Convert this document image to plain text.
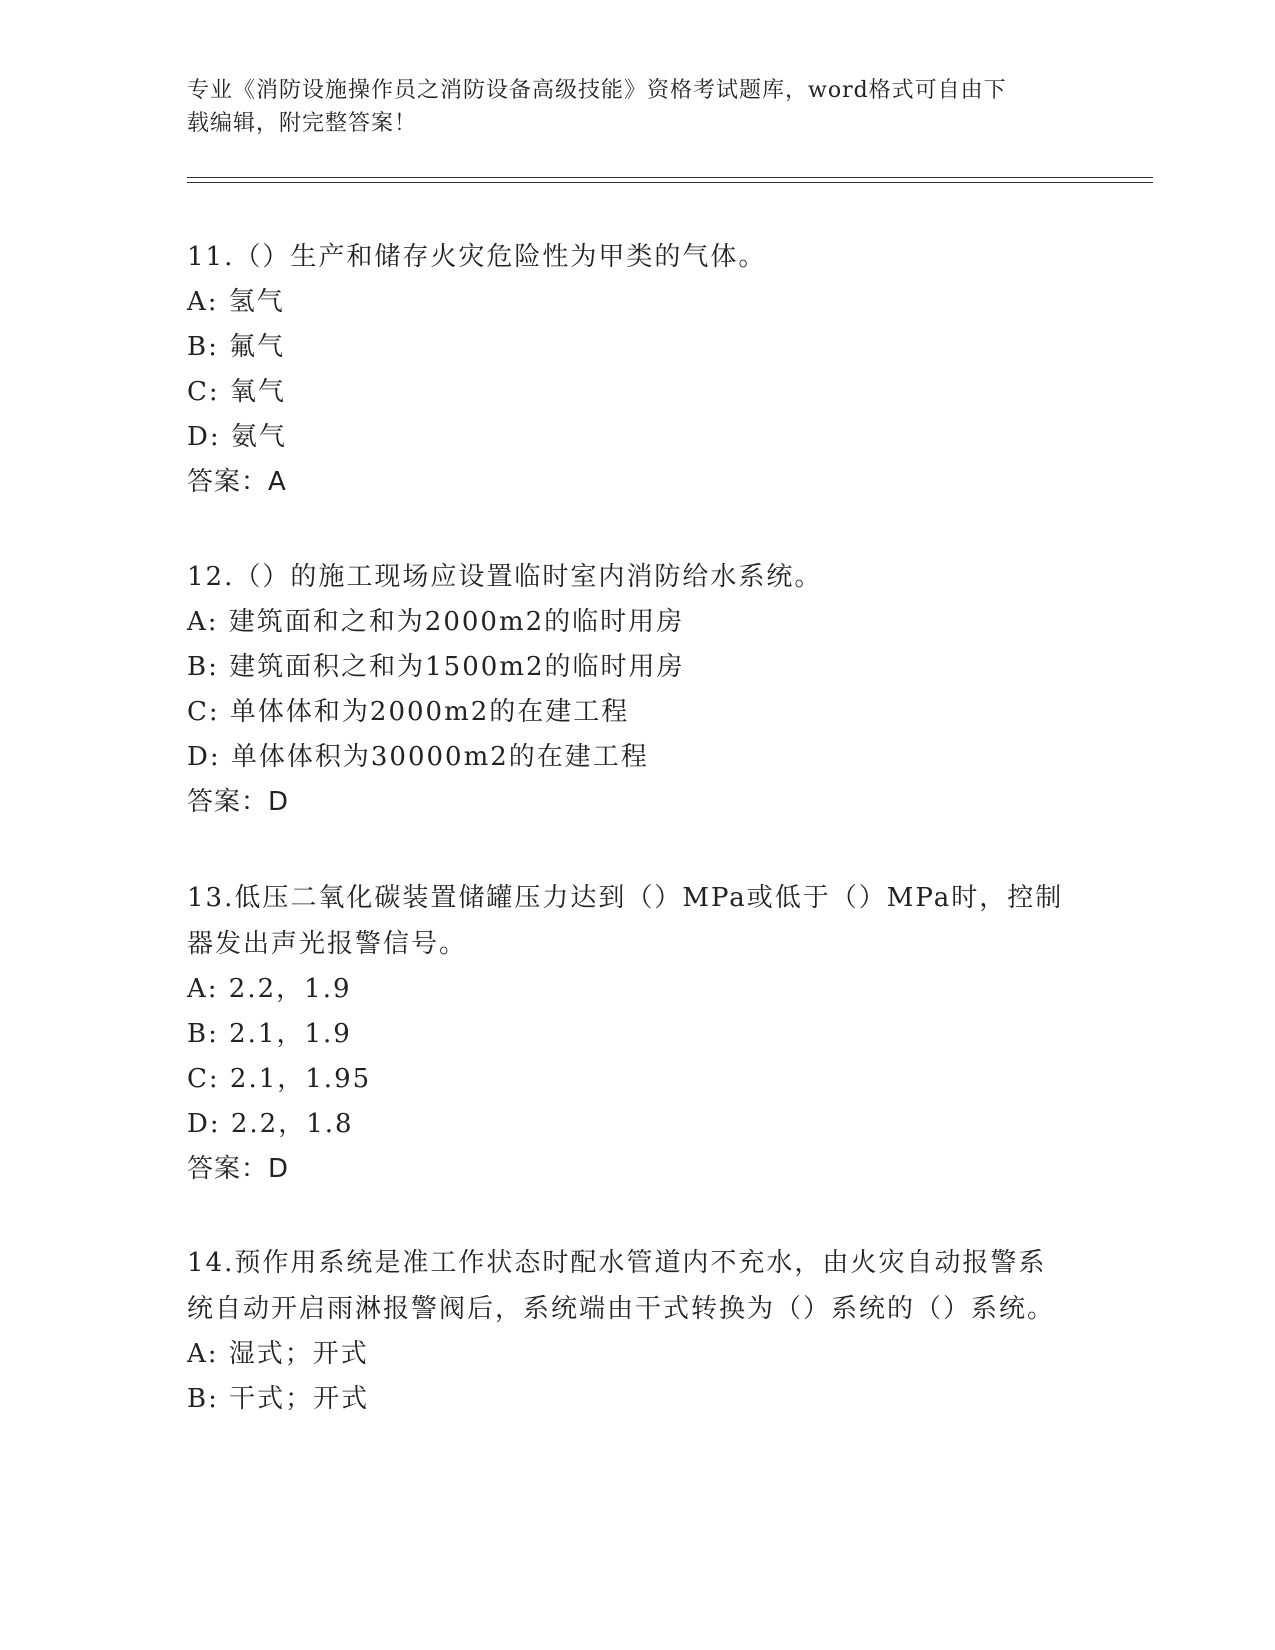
专业《消防设施操作员之消防设备高级技能》资格考试题库，word格式可自由下
载编辑，附完整答案！
11.（）生产和储存火灾危险性为甲类的气体。
A: 氢气
B: 氟气
C: 氧气
D: 氨气
答案：A
12.（）的施工现场应设置临时室内消防给水系统。
A: 建筑面和之和为2000m2的临时用房
B: 建筑面积之和为1500m2的临时用房
C: 单体体和为2000m2的在建工程
D: 单体体积为30000m2的在建工程
答案：D
13.低压二氧化碳装置储罐压力达到（）MPa或低于（）MPa时，控制器发出声光报警信号。
A: 2.2，1.9
B: 2.1，1.9
C: 2.1，1.95
D: 2.2，1.8
答案：D
14.预作用系统是准工作状态时配水管道内不充水，由火灾自动报警系统自动开启雨淋报警阀后，系统端由干式转换为（）系统的（）系统。
A: 湿式；开式
B: 干式；开式
